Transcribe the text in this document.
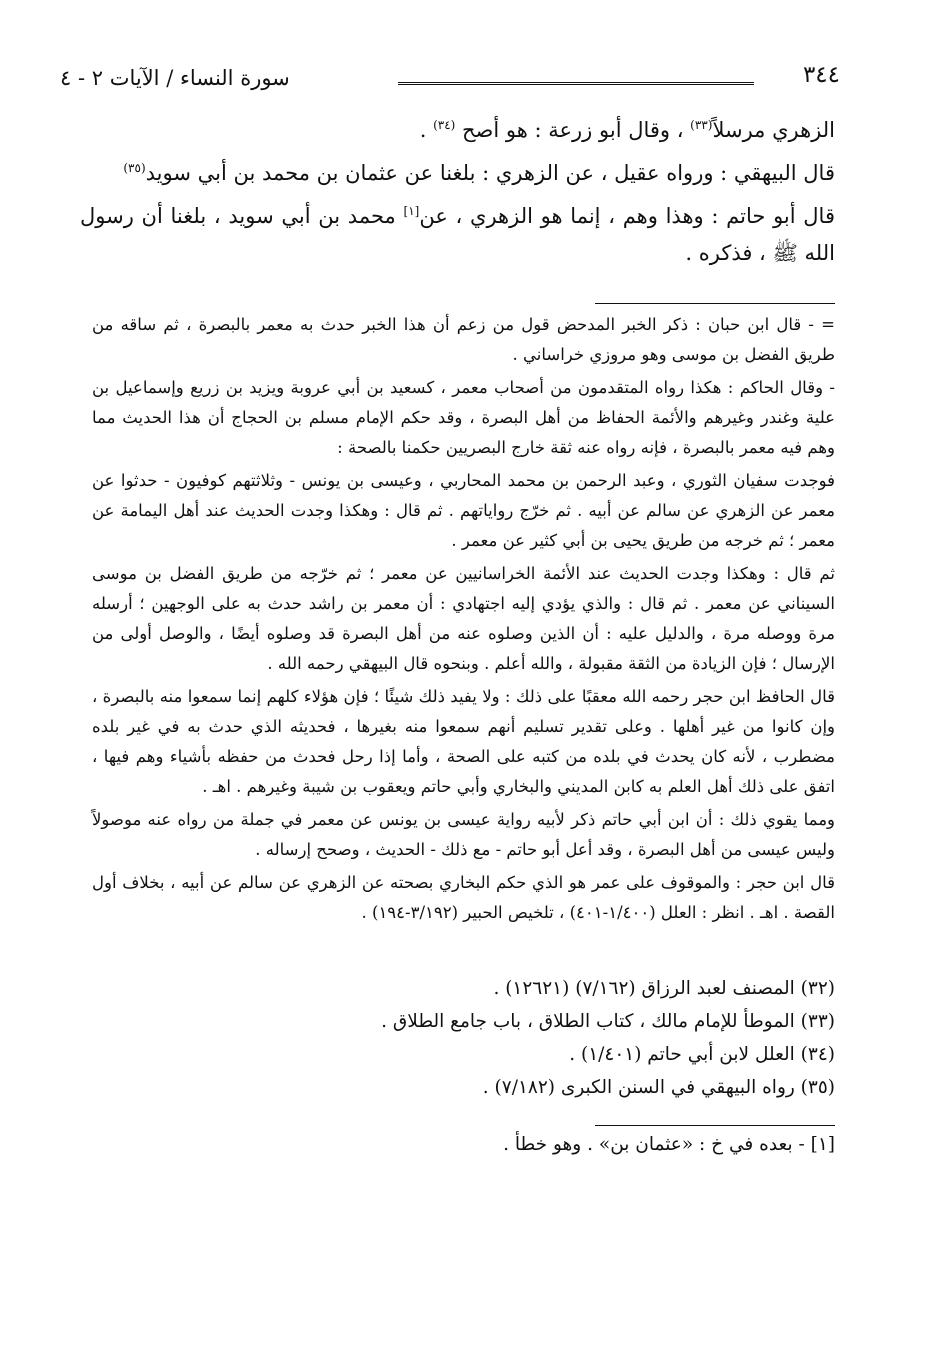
٣٤٤
سورة النساء / الآيات ٢ - ٤

الزهري مرسلاً$^{(٣٣)}$ ، وقال أبو زرعة : هو أصح $^{(٣٤)}$ .

قال البيهقي : ورواه عقيل ، عن الزهري : بلغنا عن عثمان بن محمد بن أبي سويد$^{(٣٥)}$

قال أبو حاتم : وهذا وهم ، إنما هو الزهري ، عن[١] محمد بن أبي سويد ، بلغنا أن رسول الله ﷺ ، فذكره .

= - قال ابن حبان : ذكر الخبر المدحض قول من زعم أن هذا الخبر حدث به معمر بالبصرة ، ثم ساقه من طريق الفضل بن موسى وهو مروزي خراساني .

- وقال الحاكم : هكذا رواه المتقدمون من أصحاب معمر ، كسعيد بن أبي عروبة ويزيد بن زريع وإسماعيل بن علية وغندر وغيرهم والأئمة الحفاظ من أهل البصرة ، وقد حكم الإمام مسلم بن الحجاج أن هذا الحديث مما وهم فيه معمر بالبصرة ، فإنه رواه عنه ثقة خارج البصريين حكمنا بالصحة :

فوجدت سفيان الثوري ، وعبد الرحمن بن محمد المحاربي ، وعيسى بن يونس - وثلاثتهم كوفيون - حدثوا عن معمر عن الزهري عن سالم عن أبيه . ثم خرّج رواياتهم . ثم قال : وهكذا وجدت الحديث عند أهل اليمامة عن معمر ؛ ثم خرجه من طريق يحيى بن أبي كثير عن معمر .

ثم قال : وهكذا وجدت الحديث عند الأئمة الخراسانيين عن معمر ؛ ثم خرّجه من طريق الفضل بن موسى السيناني عن معمر . ثم قال : والذي يؤدي إليه اجتهادي : أن معمر بن راشد حدث به على الوجهين ؛ أرسله مرة ووصله مرة ، والدليل عليه : أن الذين وصلوه عنه من أهل البصرة قد وصلوه أيضًا ، والوصل أولى من الإرسال ؛ فإن الزيادة من الثقة مقبولة ، والله أعلم . وبنحوه قال البيهقي رحمه الله .

قال الحافظ ابن حجر رحمه الله معقبًا على ذلك : ولا يفيد ذلك شيئًا ؛ فإن هؤلاء كلهم إنما سمعوا منه بالبصرة ، وإن كانوا من غير أهلها . وعلى تقدير تسليم أنهم سمعوا منه بغيرها ، فحديثه الذي حدث به في غير بلده مضطرب ، لأنه كان يحدث في بلده من كتبه على الصحة ، وأما إذا رحل فحدث من حفظه بأشياء وهم فيها ، اتفق على ذلك أهل العلم به كابن المديني والبخاري وأبي حاتم ويعقوب بن شيبة وغيرهم . اهـ .

ومما يقوي ذلك : أن ابن أبي حاتم ذكر لأبيه رواية عيسى بن يونس عن معمر في جملة من رواه عنه موصولاً وليس عيسى من أهل البصرة ، وقد أعل أبو حاتم - مع ذلك - الحديث ، وصحح إرساله .

قال ابن حجر : والموقوف على عمر هو الذي حكم البخاري بصحته عن الزهري عن سالم عن أبيه ، بخلاف أول القصة . اهـ . انظر : العلل (١/٤٠٠-٤٠١) ، تلخيص الحبير (٣/١٩٢-١٩٤) .

(٣٢) المصنف لعبد الرزاق (٧/١٦٢) (١٢٦٢١) .
(٣٣) الموطأ للإمام مالك ، كتاب الطلاق ، باب جامع الطلاق .
(٣٤) العلل لابن أبي حاتم (١/٤٠١) .
(٣٥) رواه البيهقي في السنن الكبرى (٧/١٨٢) .
[١] - بعده في خ : «عثمان بن» . وهو خطأ .
